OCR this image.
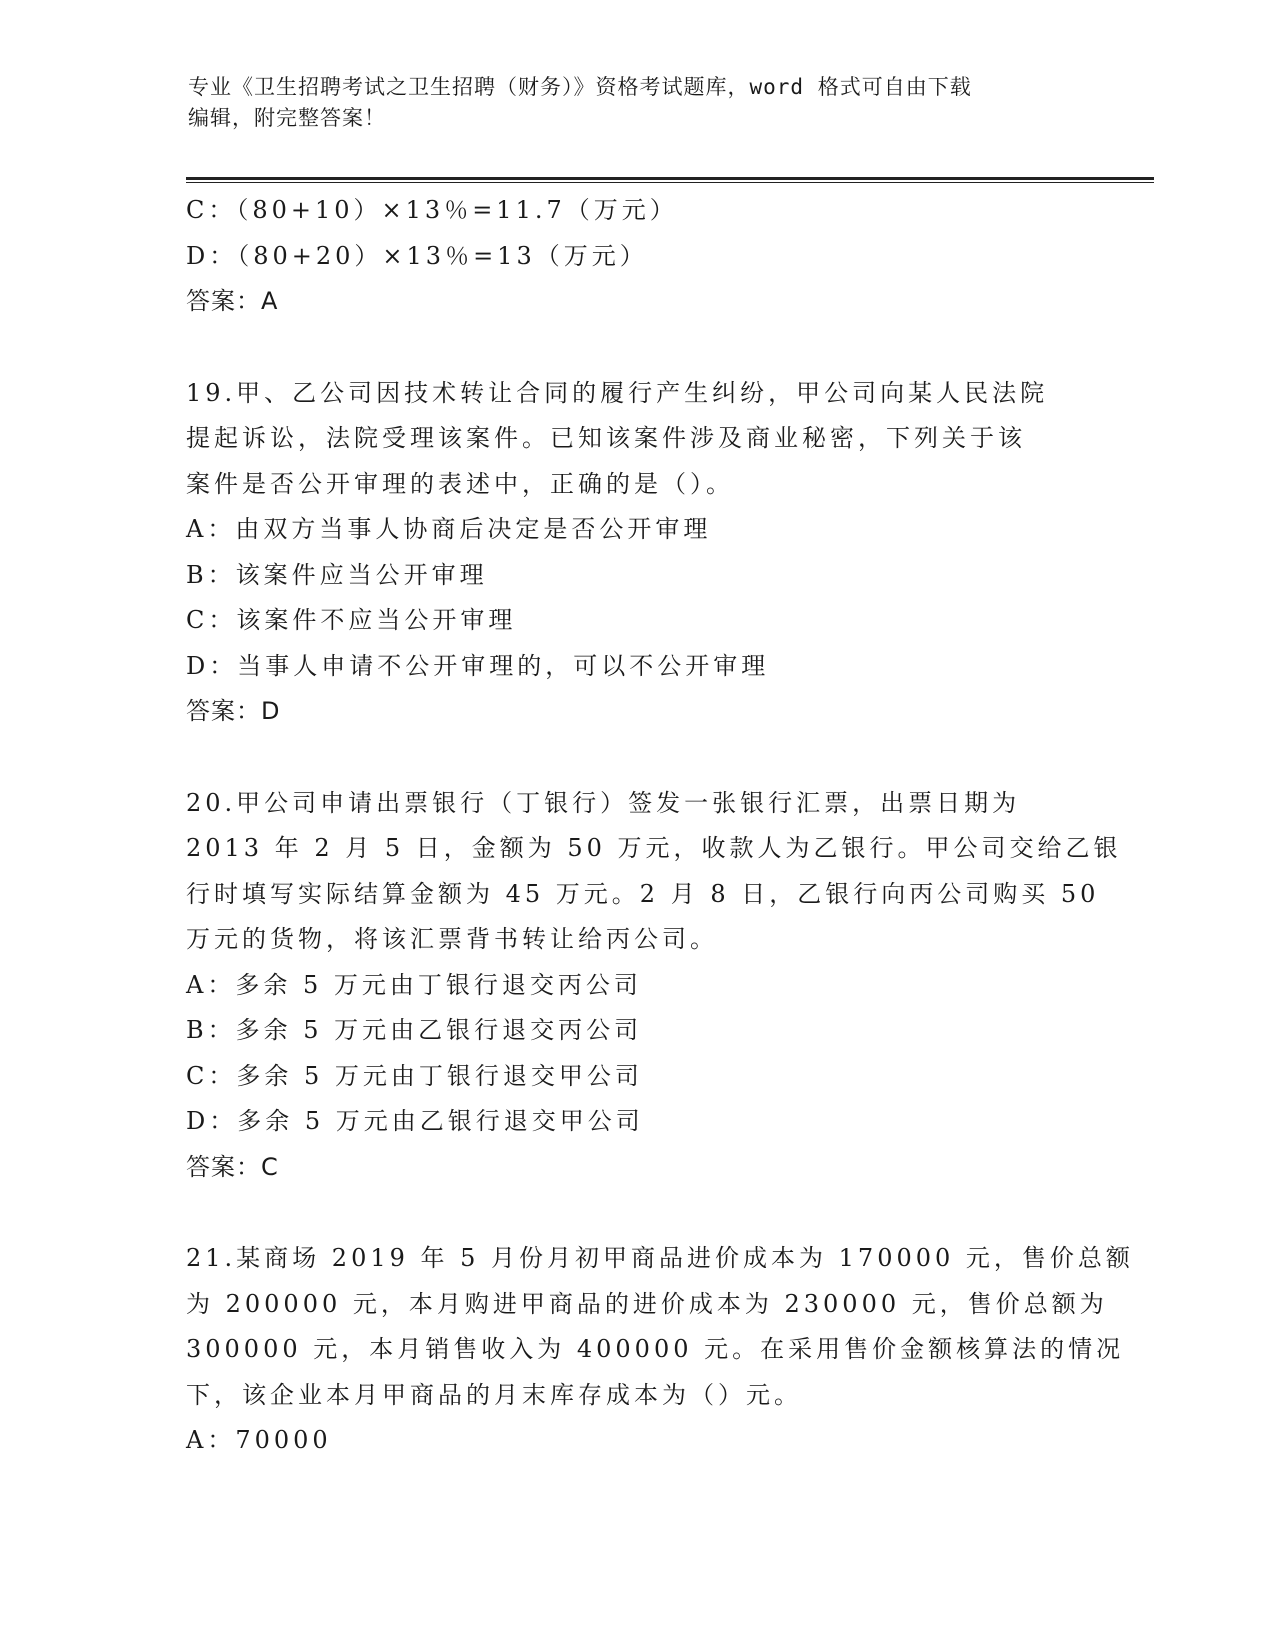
专业《卫生招聘考试之卫生招聘（财务）》资格考试题库，word 格式可自由下载
编辑，附完整答案！
C：（80+10）×13％=11.7（万元）
D：（80+20）×13％=13（万元）
答案：A
19.甲、乙公司因技术转让合同的履行产生纠纷，甲公司向某人民法院
提起诉讼，法院受理该案件。已知该案件涉及商业秘密，下列关于该
案件是否公开审理的表述中，正确的是（）。
A：由双方当事人协商后决定是否公开审理
B：该案件应当公开审理
C：该案件不应当公开审理
D：当事人申请不公开审理的，可以不公开审理
答案：D
20.甲公司申请出票银行（丁银行）签发一张银行汇票，出票日期为
2013 年 2 月 5 日，金额为 50 万元，收款人为乙银行。甲公司交给乙银
行时填写实际结算金额为 45 万元。2 月 8 日，乙银行向丙公司购买 50
万元的货物，将该汇票背书转让给丙公司。
A：多余 5 万元由丁银行退交丙公司
B：多余 5 万元由乙银行退交丙公司
C：多余 5 万元由丁银行退交甲公司
D：多余 5 万元由乙银行退交甲公司
答案：C
21.某商场 2019 年 5 月份月初甲商品进价成本为 170000 元，售价总额
为 200000 元，本月购进甲商品的进价成本为 230000 元，售价总额为
300000 元，本月销售收入为 400000 元。在采用售价金额核算法的情况
下，该企业本月甲商品的月末库存成本为（）元。
A：70000
